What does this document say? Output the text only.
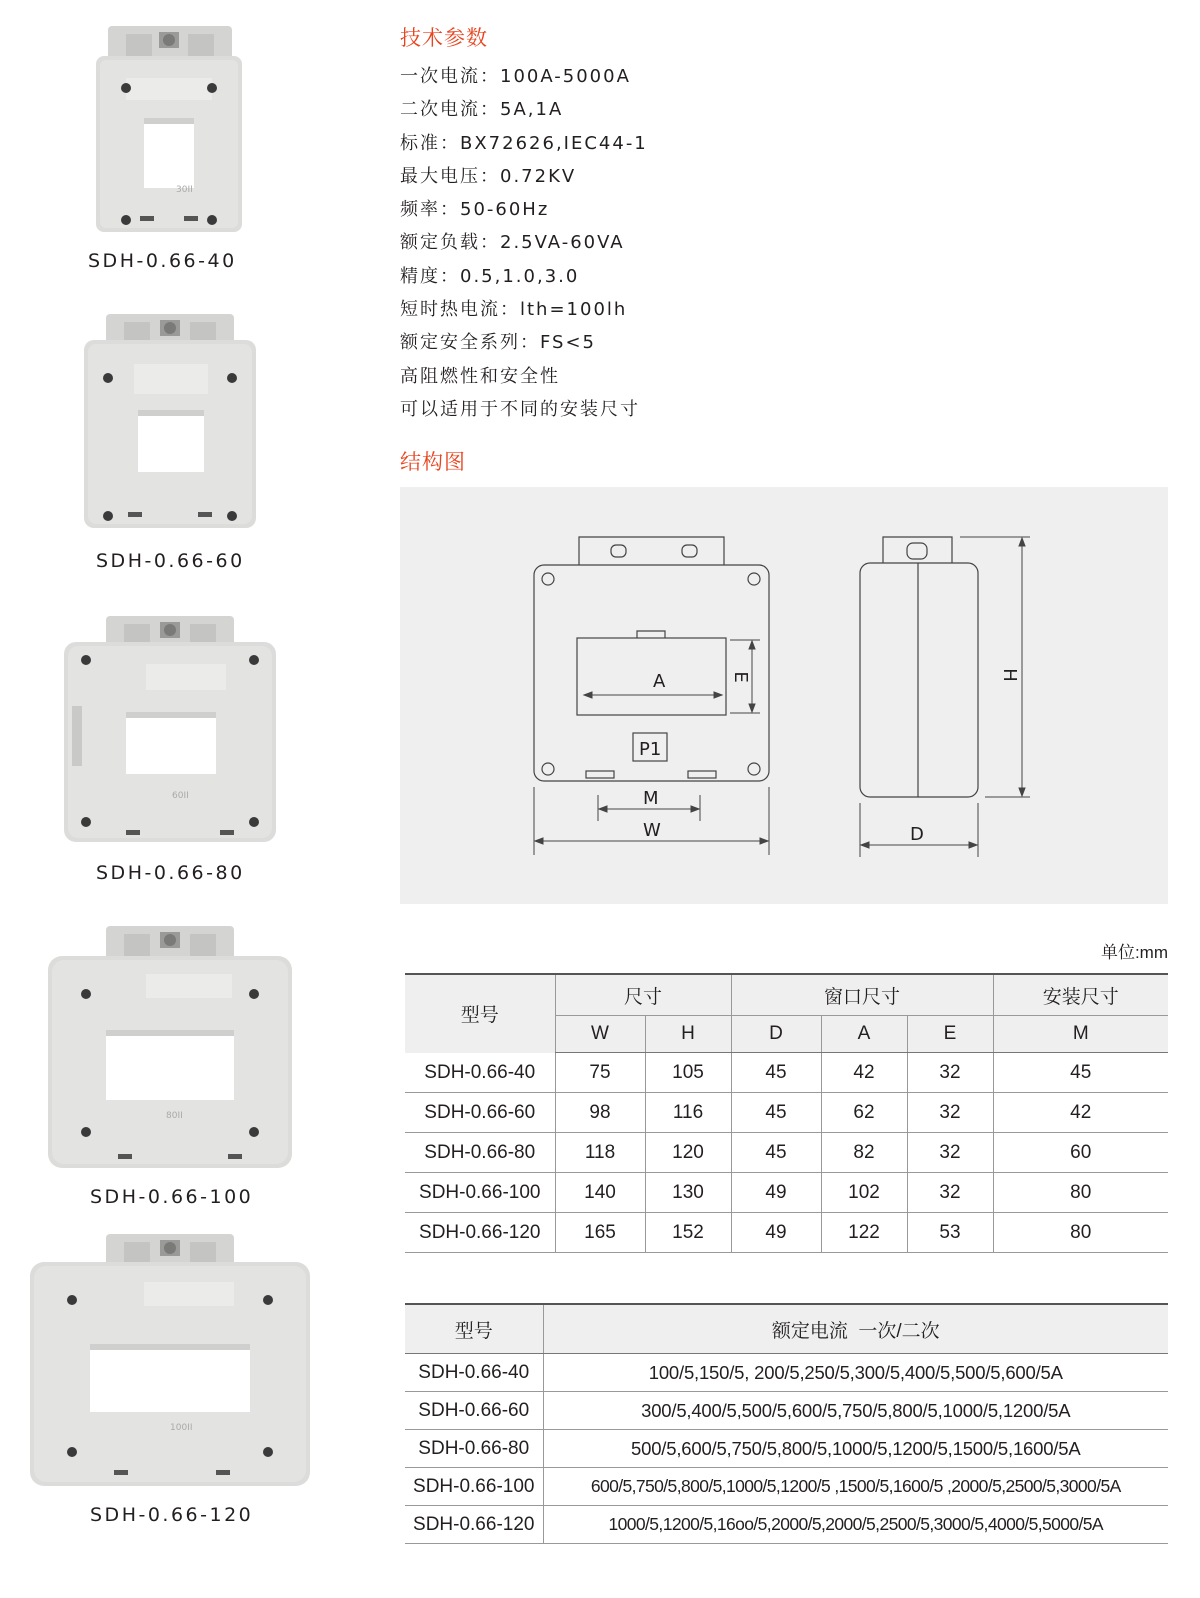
30II
SDH-0.66-40
SDH-0.66-60
60II
SDH-0.66-80
80II
SDH-0.66-100
100II
SDH-0.66-120
技术参数
一次电流：100A-5000A
二次电流：5A,1A
标准：BX72626,IEC44-1
最大电压：0.72KV
频率：50-60Hz
额定负载：2.5VA-60VA
精度：0.5,1.0,3.0
短时热电流：lth=100lh
额定安全系列：FS<5
高阻燃性和安全性
可以适用于不同的安装尺寸
结构图
A	E
P1
M
W
H
D
单位:mm
型号	尺寸		窗口尺寸			安装尺寸
	W	H	D	A	E	M
SDH-0.66-40	75	105	45	42	32	45
SDH-0.66-60	98	116	45	62	32	42
SDH-0.66-80	118	120	45	82	32	60
SDH-0.66-100	140	130	49	102	32	80
SDH-0.66-120	165	152	49	122	53	80
型号	额定电流  一次/二次
SDH-0.66-40	100/5,150/5, 200/5,250/5,300/5,400/5,500/5,600/5A
SDH-0.66-60	300/5,400/5,500/5,600/5,750/5,800/5,1000/5,1200/5A
SDH-0.66-80	500/5,600/5,750/5,800/5,1000/5,1200/5,1500/5,1600/5A
SDH-0.66-100	600/5,750/5,800/5,1000/5,1200/5 ,1500/5,1600/5 ,2000/5,2500/5,3000/5A
SDH-0.66-120	1000/5,1200/5,16oo/5,2000/5,2000/5,2500/5,3000/5,4000/5,5000/5A
